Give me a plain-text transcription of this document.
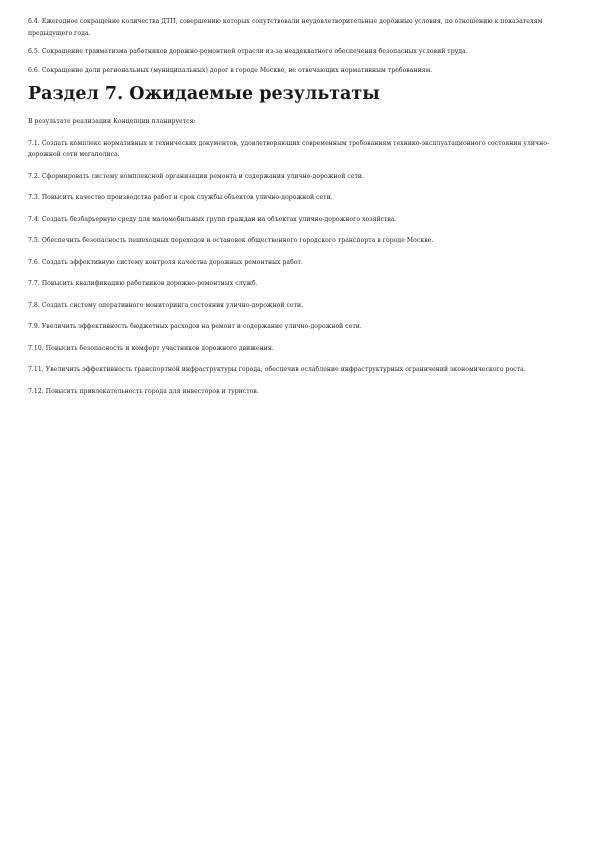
6.4. Ежегодное сокращение количества ДТП, совершению которых сопутствовали неудовлетворительные дорожные условия, по отношению к показателям предыдущего года.

6.5. Сокращение травматизма работников дорожно-ремонтной отрасли из-за неадекватного обеспечения безопасных условий труда.

6.6. Сокращение доли региональных (муниципальных) дорог в городе Москве, не отвечающих нормативным требованиям.

Раздел 7. Ожидаемые результаты

В результате реализации Концепции планируется:

7.1. Создать комплекс нормативных и технических документов, удовлетворяющих современным требованиям технико-эксплуатационного состояния улично-дорожной сети мегаполиса.

7.2. Сформировать систему комплексной организации ремонта и содержания улично-дорожной сети.

7.3. Повысить качество производства работ и срок службы объектов улично-дорожной сети.

7.4. Создать безбарьерную среду для маломобильных групп граждан на объектах улично-дорожного хозяйства.

7.5. Обеспечить безопасность пешеходных переходов и остановок общественного городского транспорта в городе Москве.

7.6. Создать эффективную систему контроля качества дорожных ремонтных работ.

7.7. Повысить квалификацию работников дорожно-ремонтных служб.

7.8. Создать систему оперативного мониторинга состояния улично-дорожной сети.

7.9. Увеличить эффективность бюджетных расходов на ремонт и содержание улично-дорожной сети.

7.10. Повысить безопасность и комфорт участников дорожного движения.

7.11. Увеличить эффективность транспортной инфраструктуры города, обеспечив ослабление инфраструктурных ограничений экономического роста.

7.12. Повысить привлекательность города для инвесторов и туристов.
